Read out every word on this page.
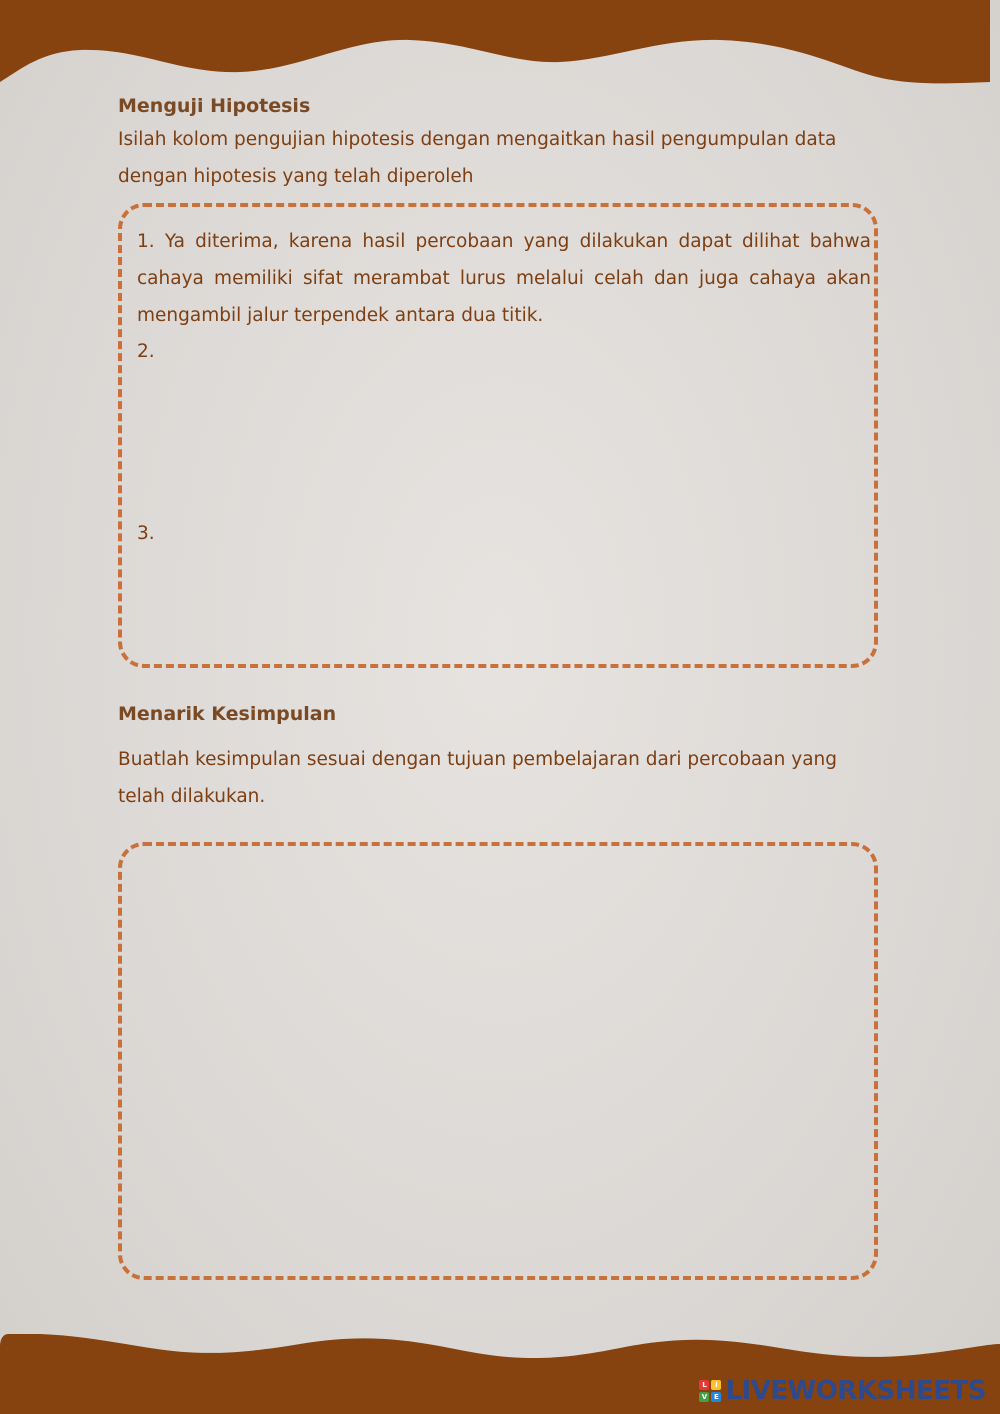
Menguji Hipotesis

Isilah kolom pengujian hipotesis dengan mengaitkan hasil pengumpulan data

dengan hipotesis yang telah diperoleh

1. Ya diterima, karena hasil percobaan yang dilakukan dapat dilihat bahwa cahaya memiliki sifat merambat lurus melalui celah dan juga cahaya akan mengambil jalur terpendek antara dua titik.

2.

3.

Menarik Kesimpulan

Buatlah kesimpulan sesuai dengan tujuan pembelajaran dari percobaan yang

telah dilakukan.

L	I
V E LIVEWORKSHEETS
